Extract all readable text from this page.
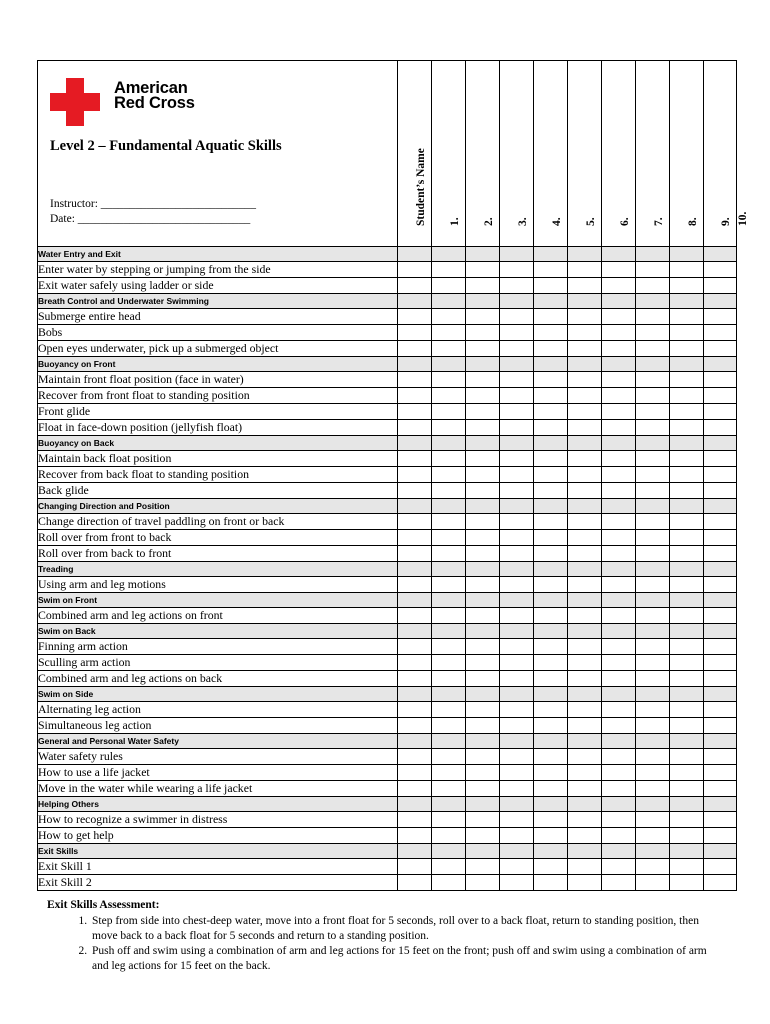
American
Red Cross
Level 2 – Fundamental Aquatic Skills
Instructor: ___________________________
Date: ______________________________	Student’s Name	1.	2.	3.	4.	5.	6.	7.	8.	9.	10.

Water Entry and Exit											
Enter water by stepping or jumping from the side											
Exit water safely using ladder or side											
Breath Control and Underwater Swimming											
Submerge entire head											
Bobs											
Open eyes underwater, pick up a submerged object											
Buoyancy on Front											
Maintain front float position (face in water)											
Recover from front float to standing position											
Front glide											
Float in face-down position (jellyfish float)											
Buoyancy on Back											
Maintain back float position											
Recover from back float to standing position											
Back glide											
Changing Direction and Position											
Change direction of travel paddling on front or back											
Roll over from front to back											
Roll over from back to front											
Treading											
Using arm and leg motions											
Swim on Front											
Combined arm and leg actions on front											
Swim on Back											
Finning arm action											
Sculling arm action											
Combined arm and leg actions on back											
Swim on Side											
Alternating leg action											
Simultaneous leg action											
General and Personal Water Safety											
Water safety rules											
How to use a life jacket											
Move in the water while wearing a life jacket											
Helping Others											
How to recognize a swimmer in distress											
How to get help											
Exit Skills											
Exit Skill 1											
Exit Skill 2											
Exit Skills Assessment:
1. Step from side into chest-deep water, move into a front float for 5 seconds, roll over to a back float, return to standing position, then move back to a back float for 5 seconds and return to a standing position.
2. Push off and swim using a combination of arm and leg actions for 15 feet on the front; push off and swim using a combination of arm and leg actions for 15 feet on the back.
